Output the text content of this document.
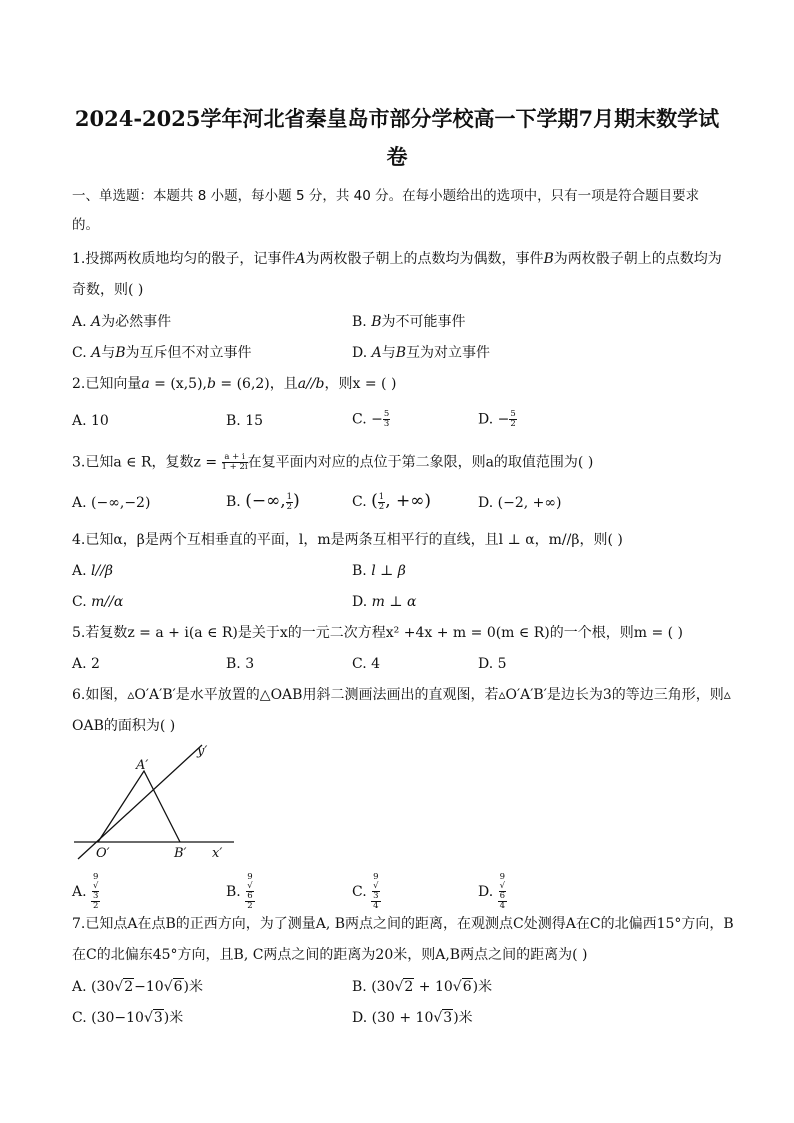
2024-2025学年河北省秦皇岛市部分学校高一下学期7月期末数学试
卷
一、单选题：本题共 8 小题，每小题 5 分，共 40 分。在每小题给出的选项中，只有一项是符合题目要求
的。
1.投掷两枚质地均匀的骰子，记事件A为两枚骰子朝上的点数均为偶数，事件B为两枚骰子朝上的点数均为
奇数，则( )
A. A为必然事件	B. B为不可能事件
C. A与B为互斥但不对立事件	D. A与B互为对立事件
2.已知向量a = (x,5),b = (6,2)，且a//b，则x = ( )
A. 10	B. 15	C. − $\frac{5}{3}$	D. − $\frac{5}{2}$
3.已知a ∈ R，复数$z = \frac{a + i}{1 + 2i}$ 在复平面内对应的点位于第二象限，则a的取值范围为( )
A. (−∞,−2)	B. (−∞, $\frac{1}{2}$ )	C. ( $\frac{1}{2}$ , +∞)	D. (−2, +∞)
4.已知α，β是两个互相垂直的平面，l，m是两条互相平行的直线，且l ⊥ α，m//β，则( )
A. l//β	B. l ⊥ β
C. m//α	D. m ⊥ α
5.若复数z = a + i(a ∈ R)是关于x的一元二次方程x² +4x + m = 0(m ∈ R)的一个根，则m = ( )
A. 2	B. 3	C. 4	D. 5
6.如图，▵O′A′B′是水平放置的△OAB用斜二测画法画出的直观图，若▵O′A′B′是边长为3的等边三角形，则▵
OAB的面积为( )
A′
O′	B′ x′
y′
A. 9
√
3
2	B. 9
√
6
2	C. 9
√
3
4	D. 9
√
6
4
7.已知点A在点B的正西方向，为了测量A, B两点之间的距离，在观测点C处测得A在C的北偏西15°方向，B
在C的北偏东45°方向，且B, C两点之间的距离为20米，则A,B两点之间的距离为( )
A. (30√2−10√6)米	B. (30√2 + 10√6)米
C. (30−10√3)米	D. (30 + 10√3)米
